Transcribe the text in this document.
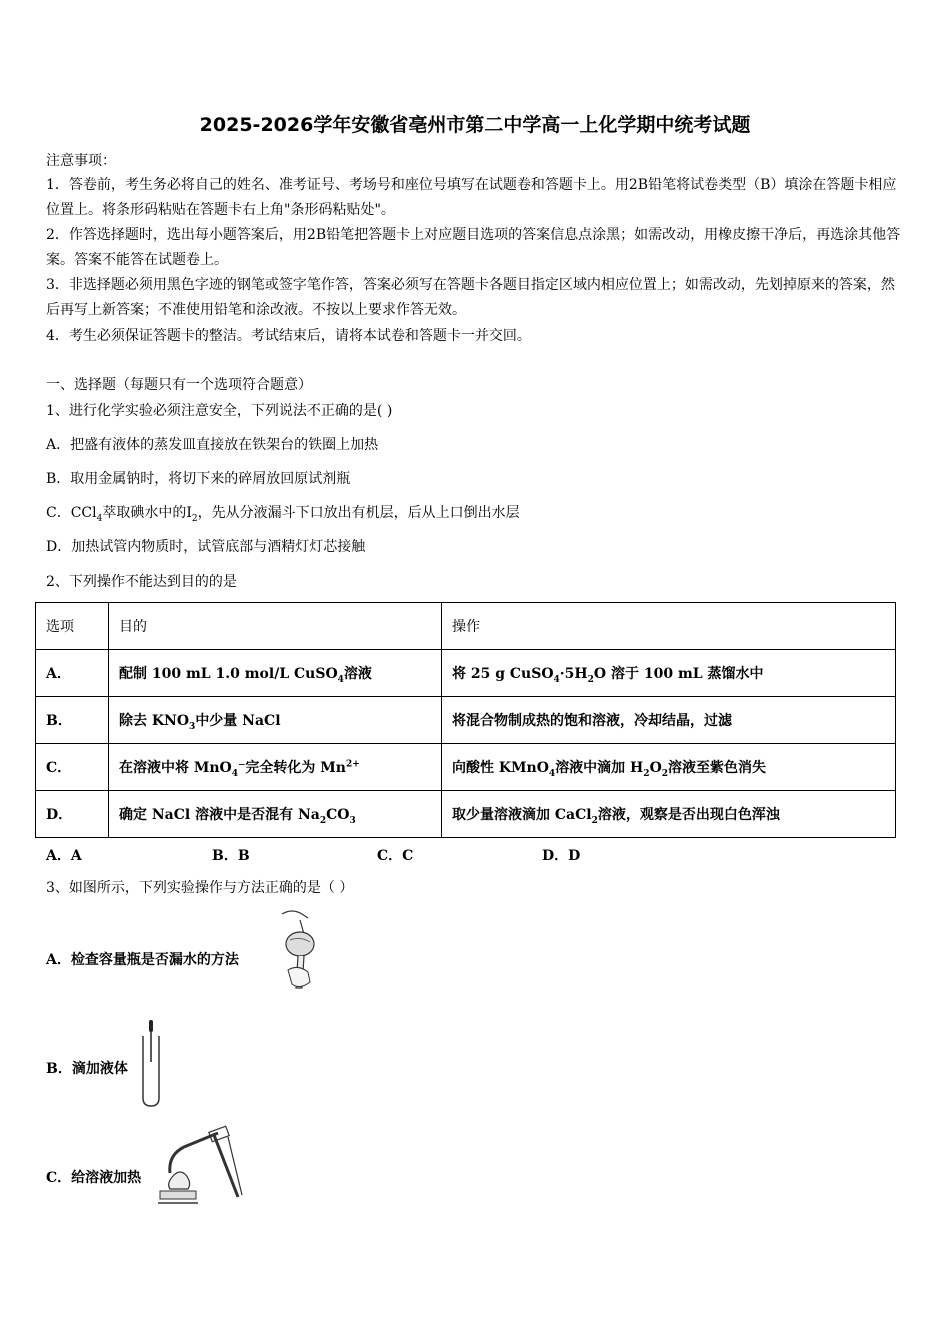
2025-2026学年安徽省亳州市第二中学高一上化学期中统考试题
注意事项：
1．答卷前，考生务必将自己的姓名、准考证号、考场号和座位号填写在试题卷和答题卡上。用2B铅笔将试卷类型（B）填涂在答题卡相应位置上。将条形码粘贴在答题卡右上角"条形码粘贴处"。
2．作答选择题时，选出每小题答案后，用2B铅笔把答题卡上对应题目选项的答案信息点涂黑；如需改动，用橡皮擦干净后，再选涂其他答案。答案不能答在试题卷上。
3．非选择题必须用黑色字迹的钢笔或签字笔作答，答案必须写在答题卡各题目指定区域内相应位置上；如需改动，先划掉原来的答案，然后再写上新答案；不准使用铅笔和涂改液。不按以上要求作答无效。
4．考生必须保证答题卡的整洁。考试结束后，请将本试卷和答题卡一并交回。
一、选择题（每题只有一个选项符合题意）
1、进行化学实验必须注意安全，下列说法不正确的是( )
A．把盛有液体的蒸发皿直接放在铁架台的铁圈上加热
B．取用金属钠时，将切下来的碎屑放回原试剂瓶
C．CCl$_4$萃取碘水中的$I_2$，先从分液漏斗下口放出有机层，后从上口倒出水层
D．加热试管内物质时，试管底部与酒精灯灯芯接触
2、下列操作不能达到目的的是
选项	目的	操作
A．	配制 100 mL 1.0 mol/L CuSO$_4$溶液	将 25 g $CuSO_4\cdot 5H_2O$ 溶于 100 mL 蒸馏水中
B．	除去 $KNO_3$中少量 NaCl	将混合物制成热的饱和溶液，冷却结晶，过滤
C．	在溶液中将 MnO$_4$⁻完全转化为 $Mn^{2+}$	向酸性 KMnO$_4$溶液中滴加 $H_2O_2$溶液至紫色消失
D．	确定 NaCl 溶液中是否混有 $Na_2CO_3$	取少量溶液滴加 CaCl$_2$溶液，观察是否出现白色浑浊
A．A	B．B	C．C	D．D
3、如图所示，下列实验操作与方法正确的是（ ）
A．检查容量瓶是否漏水的方法
B．滴加液体
C．给溶液加热
